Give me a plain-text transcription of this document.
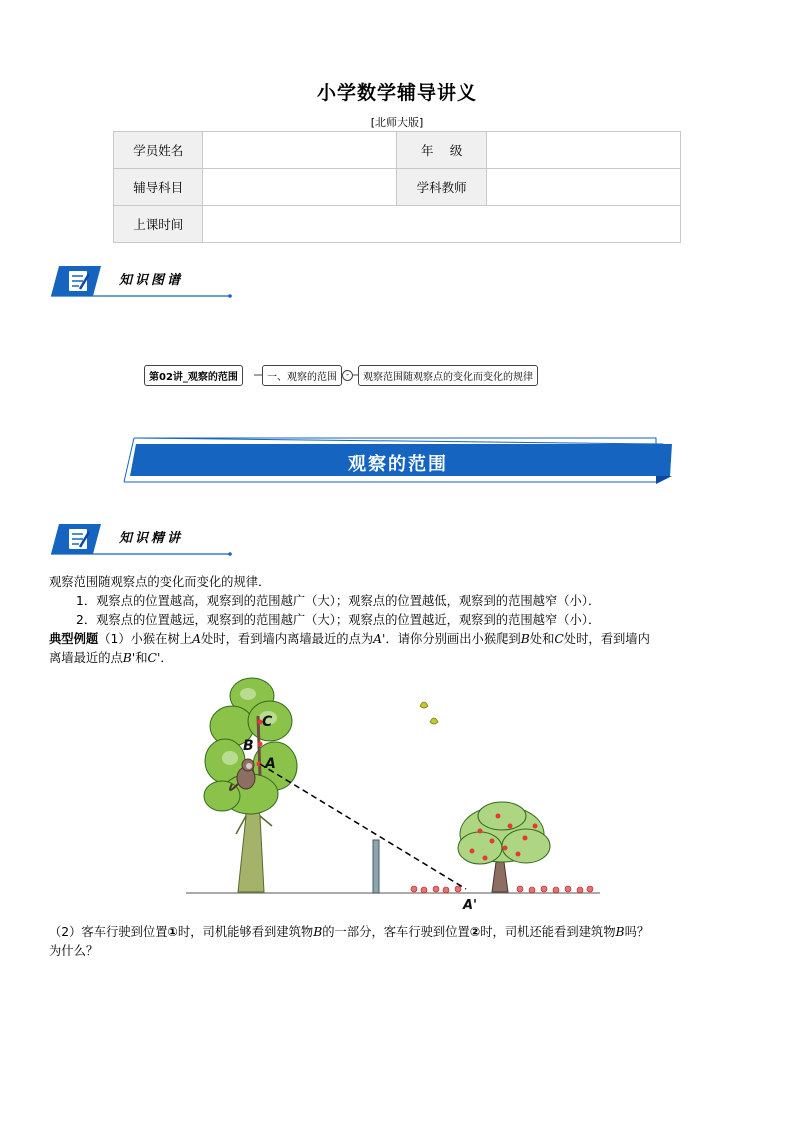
小学数学辅导讲义
[北师大版]
学员姓名		年　 级	
辅导科目		学科教师	
上课时间			
知识图谱
第02讲_观察的范围	一、观察的范围	-	观察范围随观察点的变化而变化的规律
观察的范围
知识精讲
观察范围随观察点的变化而变化的规律．
1．观察点的位置越高，观察到的范围越广（大）；观察点的位置越低，观察到的范围越窄（小）．
2．观察点的位置越远，观察到的范围越广（大）；观察点的位置越近，观察到的范围越窄（小）．
典型例题（1）小猴在树上A处时，看到墙内离墙最近的点为A'．请你分别画出小猴爬到B处和C处时，看到墙内
离墙最近的点B'和C'．
C
B
A
A'
（2）客车行驶到位置①时，司机能够看到建筑物B的一部分，客车行驶到位置②时，司机还能看到建筑物B吗？
为什么？
